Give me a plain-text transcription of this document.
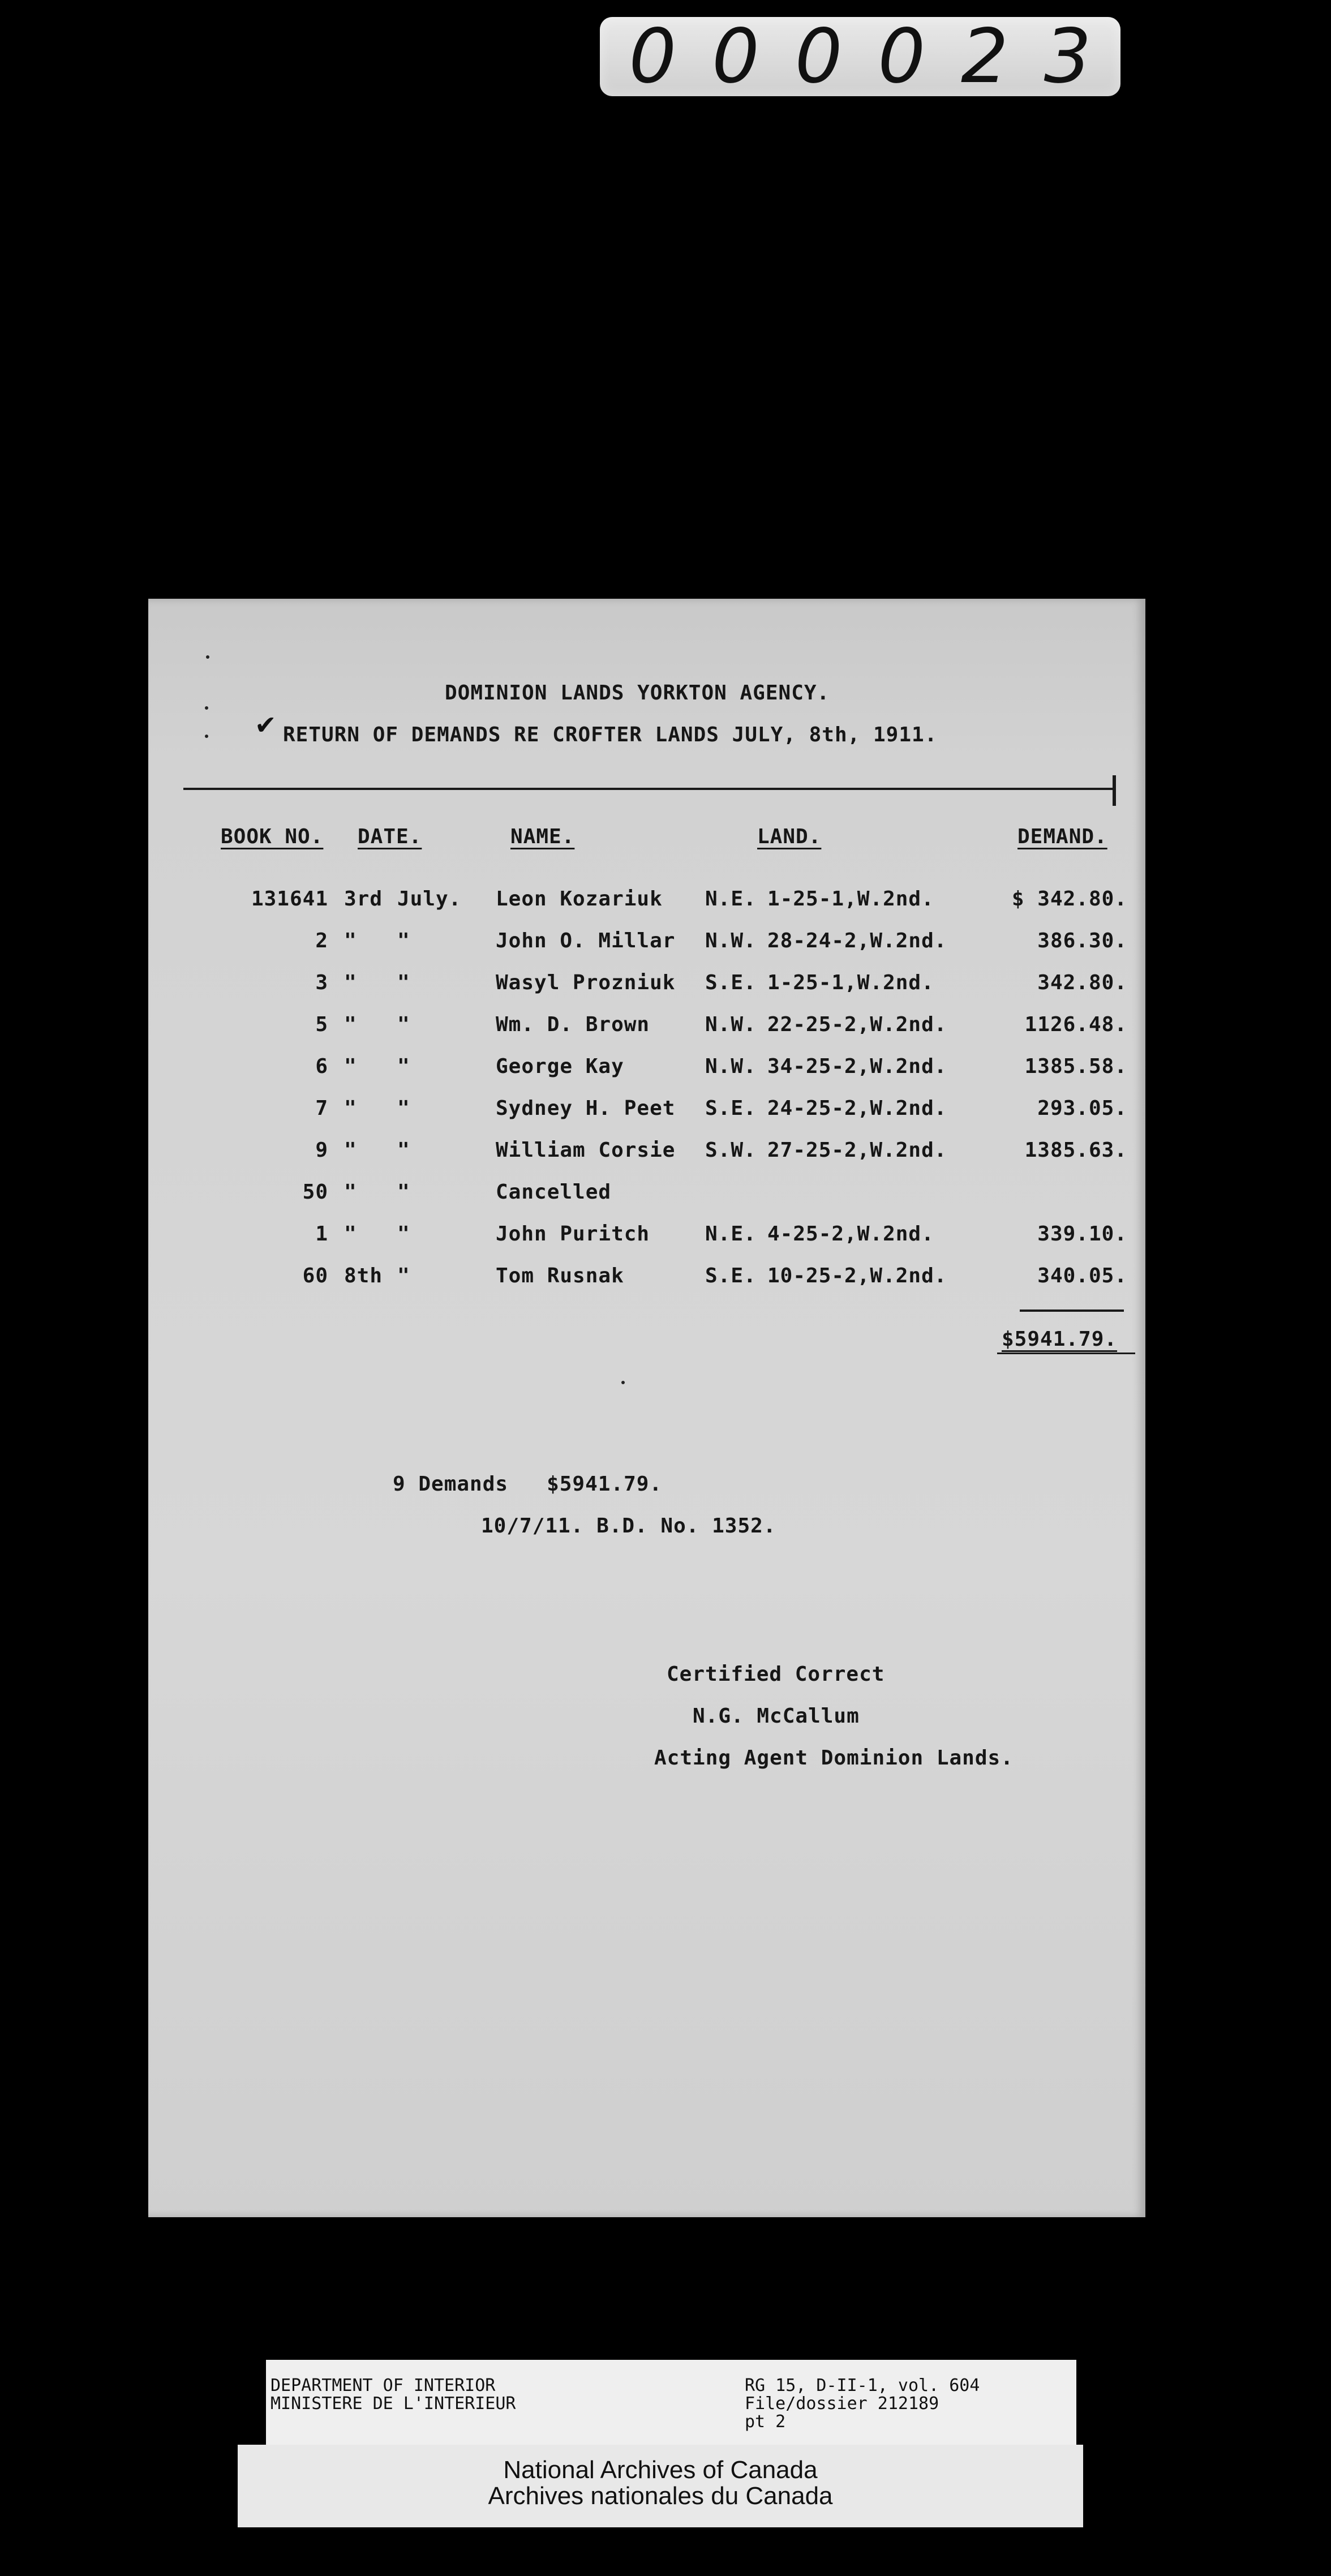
0 0 0 0 2 3
DOMINION LANDS YORKTON AGENCY.
✔ RETURN OF DEMANDS RE CROFTER LANDS JULY, 8th, 1911.
BOOK NO. DATE.	NAME.	LAND.	DEMAND.
131641 3rd July. Leon Kozariuk N.E. 1-25-1,W.2nd.	$ 342.80.
2 " "	John O. Millar N.W. 28-24-2,W.2nd.	386.30.
3 " "	Wasyl Prozniuk S.E. 1-25-1,W.2nd.	342.80.
5 " "	Wm. D. Brown	N.W. 22-25-2,W.2nd.	1126.48.
6 " "	George Kay	N.W. 34-25-2,W.2nd.	1385.58.
7 " "	Sydney H. Peet S.E. 24-25-2,W.2nd.	293.05.
9 " "	William Corsie S.W. 27-25-2,W.2nd.	1385.63.
50 " "	Cancelled
1 " "	John Puritch	N.E. 4-25-2,W.2nd.	339.10.
60 8th "	Tom Rusnak	S.E. 10-25-2,W.2nd.	340.05.
$5941.79.
9 Demands   $5941.79.
10/7/11. B.D. No. 1352.
Certified Correct
N.G. McCallum
Acting Agent Dominion Lands.
DEPARTMENT OF INTERIOR
MINISTERE DE L'INTERIEUR
RG 15, D-II-1, vol. 604
File/dossier 212189
pt 2
National Archives of Canada
Archives nationales du Canada
